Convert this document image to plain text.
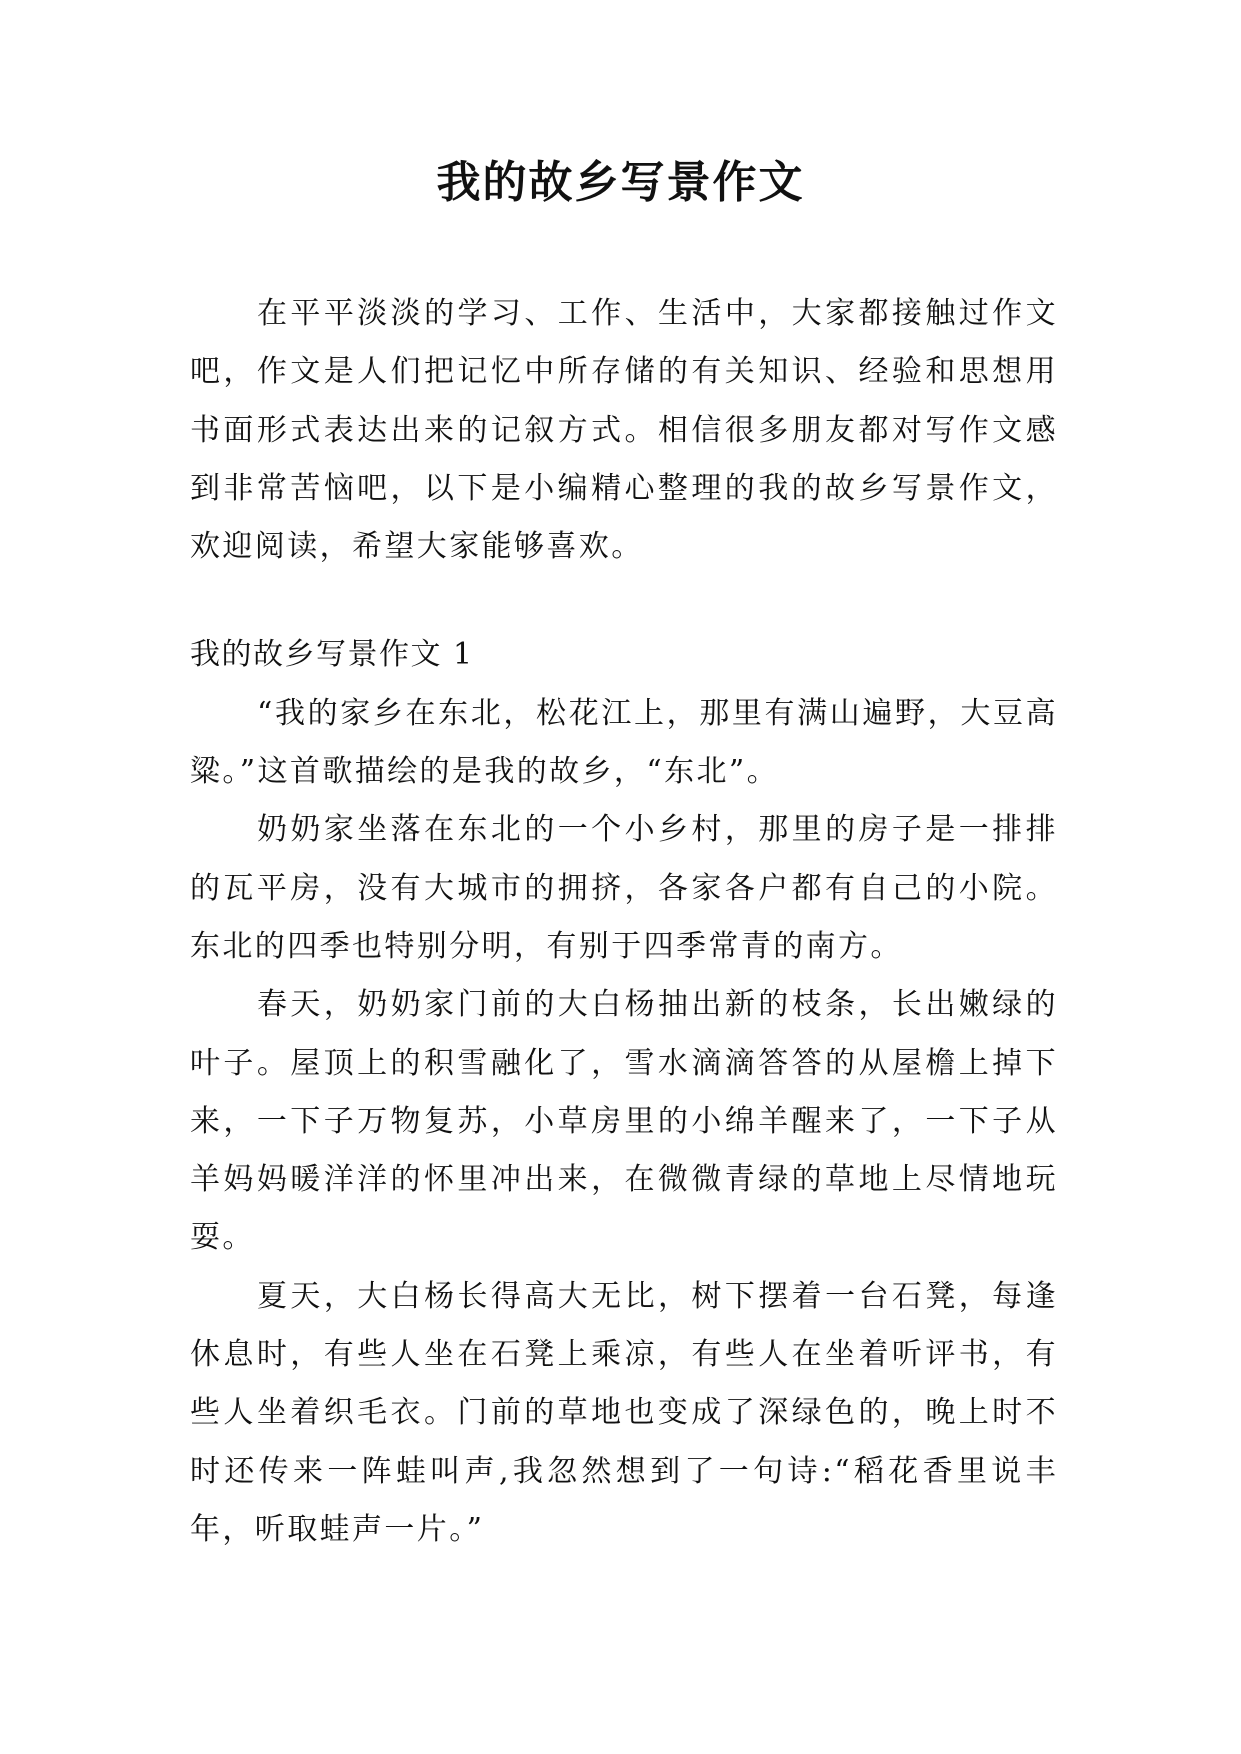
我的故乡写景作文

在平平淡淡的学习、工作、生活中，大家都接触过作文吧，作文是人们把记忆中所存储的有关知识、经验和思想用书面形式表达出来的记叙方式。相信很多朋友都对写作文感到非常苦恼吧，以下是小编精心整理的我的故乡写景作文，欢迎阅读，希望大家能够喜欢。

我的故乡写景作文 1

“我的家乡在东北，松花江上，那里有满山遍野，大豆高粱。”这首歌描绘的是我的故乡，“东北”。

奶奶家坐落在东北的一个小乡村，那里的房子是一排排的瓦平房，没有大城市的拥挤，各家各户都有自己的小院。东北的四季也特别分明，有别于四季常青的南方。

春天，奶奶家门前的大白杨抽出新的枝条，长出嫩绿的叶子。屋顶上的积雪融化了，雪水滴滴答答的从屋檐上掉下来，一下子万物复苏，小草房里的小绵羊醒来了，一下子从羊妈妈暖洋洋的怀里冲出来，在微微青绿的草地上尽情地玩耍。

夏天，大白杨长得高大无比，树下摆着一台石凳，每逢休息时，有些人坐在石凳上乘凉，有些人在坐着听评书，有些人坐着织毛衣。门前的草地也变成了深绿色的，晚上时不时还传来一阵蛙叫声,我忽然想到了一句诗:“稻花香里说丰年，听取蛙声一片。”
